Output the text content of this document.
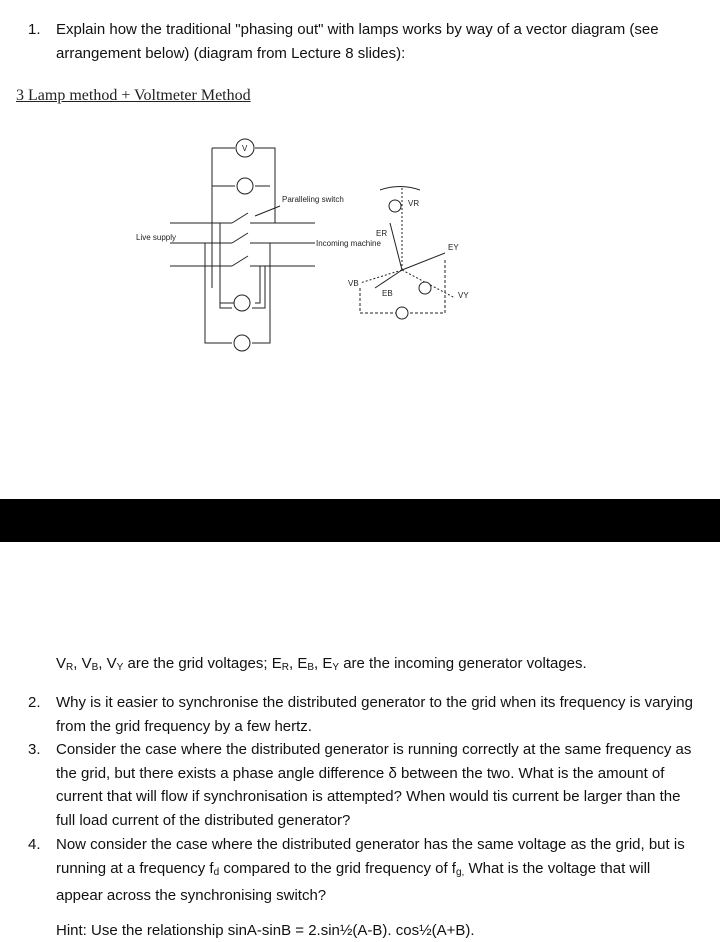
1. Explain how the traditional "phasing out" with lamps works by way of a vector diagram (see arrangement below) (diagram from Lecture 8 slides):
3 Lamp method + Voltmeter Method
V
Paralleling switch
Live supply
Incoming machine
VR
ER
EY
VB
EB	VY
$V_R$, $V_B$, $V_Y$ are the grid voltages; $E_R$, $E_B$, $E_Y$ are the incoming generator voltages.
2. Why is it easier to synchronise the distributed generator to the grid when its frequency is varying from the grid frequency by a few hertz.
3. Consider the case where the distributed generator is running correctly at the same frequency as the grid, but there exists a phase angle difference δ between the two. What is the amount of current that will flow if synchronisation is attempted? When would tis current be larger than the full load current of the distributed generator?
4. Now consider the case where the distributed generator has the same voltage as the grid, but is running at a frequency $f_d$ compared to the grid frequency of $f_{g,}$ What is the voltage that will appear across the synchronising switch?
Hint: Use the relationship sinA-sinB = 2.sin½(A-B). cos½(A+B).
